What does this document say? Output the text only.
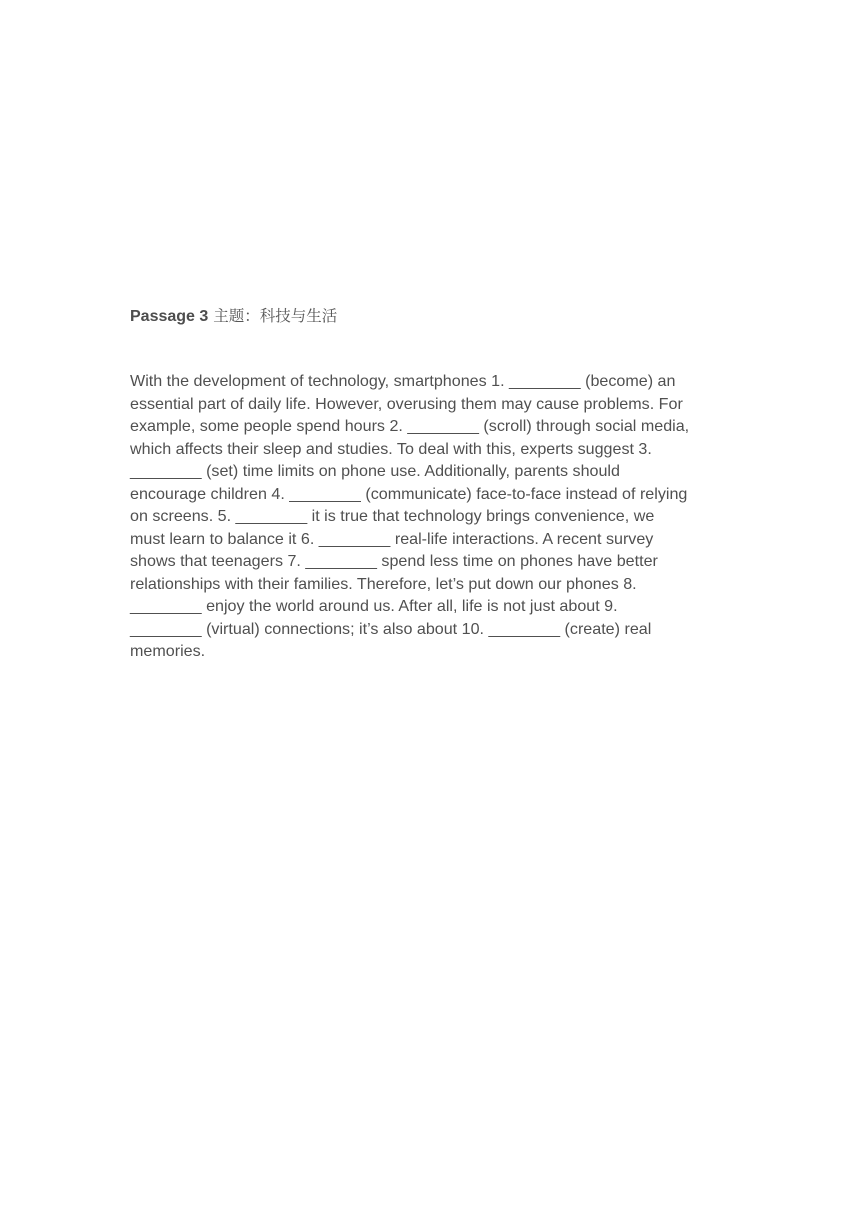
Passage 3 主题：科技与生活

With the development of technology, smartphones 1. ________ (become) an
essential part of daily life. However, overusing them may cause problems. For
example, some people spend hours 2. ________ (scroll) through social media,
which affects their sleep and studies. To deal with this, experts suggest 3.
________ (set) time limits on phone use. Additionally, parents should
encourage children 4. ________ (communicate) face-to-face instead of relying
on screens. 5. ________ it is true that technology brings convenience, we
must learn to balance it 6. ________ real-life interactions. A recent survey
shows that teenagers 7. ________ spend less time on phones have better
relationships with their families. Therefore, let’s put down our phones 8.
________ enjoy the world around us. After all, life is not just about 9.
________ (virtual) connections; it’s also about 10. ________ (create) real
memories.
